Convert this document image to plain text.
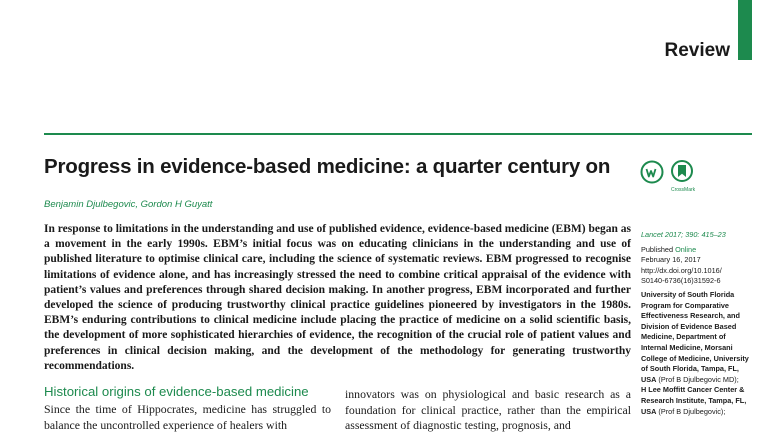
Review
Progress in evidence-based medicine: a quarter century on
CrossMark
Benjamin Djulbegovic, Gordon H Guyatt

In response to limitations in the understanding and use of published evidence, evidence-based medicine (EBM) began as a movement in the early 1990s. EBM’s initial focus was on educating clinicians in the understanding and use of published literature to optimise clinical care, including the science of systematic reviews. EBM progressed to recognise limitations of evidence alone, and has increasingly stressed the need to combine critical appraisal of the evidence with patient’s values and preferences through shared decision making. In another progress, EBM incorporated and further developed the science of producing trustworthy clinical practice guidelines pioneered by investigators in the 1980s. EBM’s enduring contributions to clinical medicine include placing the practice of medicine on a solid scientific basis, the development of more sophisticated hierarchies of evidence, the recognition of the crucial role of patient values and preferences in clinical decision making, and the development of the methodology for generating trustworthy recommendations.

Historical origins of evidence-based medicine

Since the time of Hippocrates, medicine has struggled to balance the uncontrolled experience of healers with

innovators was on physiological and basic research as a foundation for clinical practice, rather than the empirical assessment of diagnostic testing, prognosis, and

Lancet 2017; 390: 415–23
Published Online
February 16, 2017
http://dx.doi.org/10.1016/
S0140-6736(16)31592-6
University of South Florida
Program for Comparative
Effectiveness Research, and
Division of Evidence Based
Medicine, Department of
Internal Medicine, Morsani
College of Medicine, University
of South Florida, Tampa, FL,
USA (Prof B Djulbegovic MD);
H Lee Moffitt Cancer Center &
Research Institute, Tampa, FL,
USA (Prof B Djulbegovic);
